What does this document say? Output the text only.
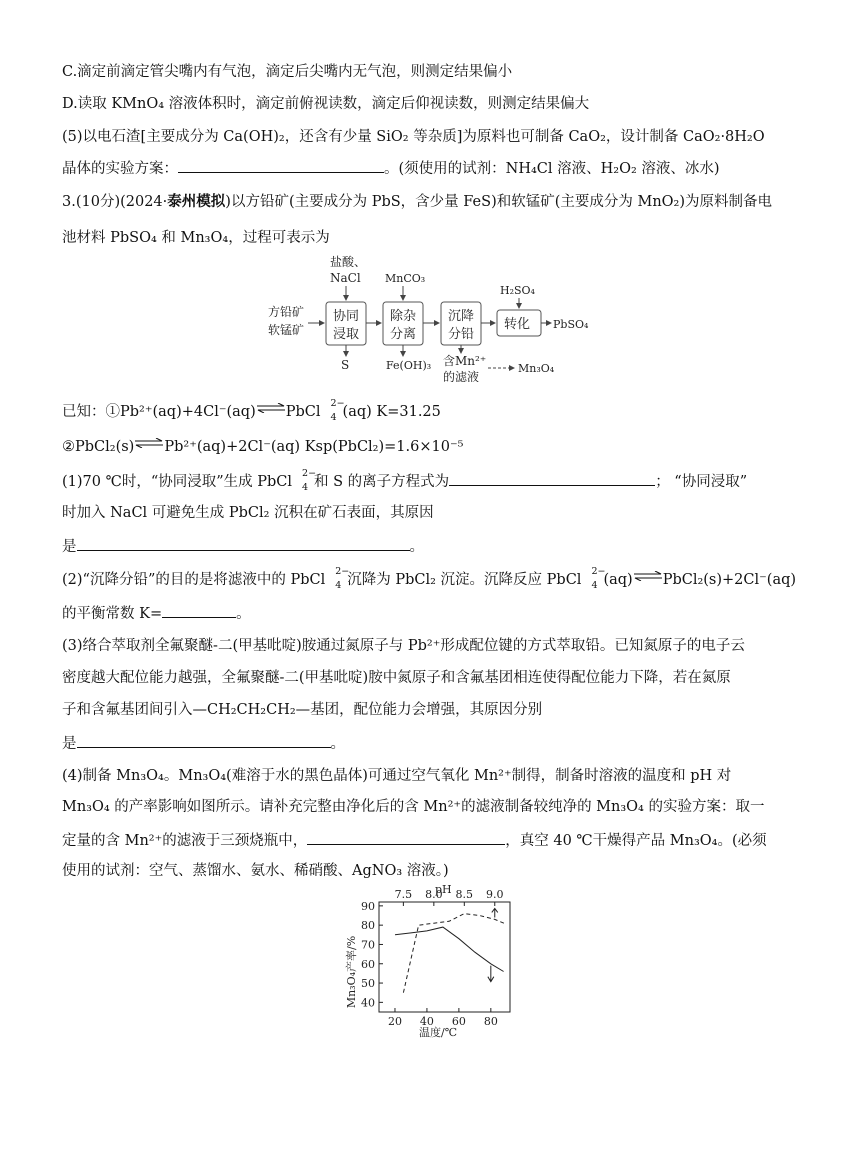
C.滴定前滴定管尖嘴内有气泡，滴定后尖嘴内无气泡，则测定结果偏小
D.读取 KMnO₄ 溶液体积时，滴定前俯视读数，滴定后仰视读数，则测定结果偏大
(5)以电石渣[主要成分为 Ca(OH)₂，还含有少量 SiO₂ 等杂质]为原料也可制备 CaO₂，设计制备 CaO₂·8H₂O
晶体的实验方案：	。(须使用的试剂：NH₄Cl 溶液、H₂O₂ 溶液、冰水)
3.(10分)(2024·泰州模拟)以方铅矿(主要成分为 PbS，含少量 FeS)和软锰矿(主要成分为 MnO₂)为原料制备电
池材料 PbSO₄ 和 Mn₃O₄，过程可表示为
方铅矿
软锰矿
盐酸、
NaCl MnCO₃
H₂SO₄
协同
浸取
除杂
分离
沉降
分铅
转化
S	Fe(OH)₃ 含Mn²⁺
的滤液
PbSO₄
Mn₃O₄
已知：①Pb²⁺(aq)+4Cl⁻(aq)⇌PbCl
2−
4 (aq) K=31.25
②PbCl₂(s)⇌Pb²⁺(aq)+2Cl⁻(aq) Ksp(PbCl₂)=1.6×10⁻⁵
(1)70 ℃时，“协同浸取”生成 PbCl
2−
4 和 S 的离子方程式为	； “协同浸取”
时加入 NaCl 可避免生成 PbCl₂ 沉积在矿石表面，其原因
是	。
(2)“沉降分铅”的目的是将滤液中的 PbCl
2−
4 沉降为 PbCl₂ 沉淀。沉降反应 PbCl
2−
4 (aq)⇌PbCl₂(s)+2Cl⁻(aq)
的平衡常数 K=	。
(3)络合萃取剂全氟聚醚-二(甲基吡啶)胺通过氮原子与 Pb²⁺形成配位键的方式萃取铅。已知氮原子的电子云
密度越大配位能力越强，全氟聚醚-二(甲基吡啶)胺中氮原子和含氟基团相连使得配位能力下降，若在氮原
子和含氟基团间引入—CH₂CH₂CH₂—基团，配位能力会增强，其原因分别
是	。
(4)制备 Mn₃O₄。Mn₃O₄(难溶于水的黑色晶体)可通过空气氧化 Mn²⁺制得，制备时溶液的温度和 pH 对
Mn₃O₄ 的产率影响如图所示。请补充完整由净化后的含 Mn²⁺的滤液制备较纯净的 Mn₃O₄ 的实验方案：取一
定量的含 Mn²⁺的滤液于三颈烧瓶中，	，真空 40 ℃干燥得产品 Mn₃O₄。(必须
使用的试剂：空气、蒸馏水、氨水、稀硝酸、AgNO₃ 溶液。)
40
50
60
70
80
90
20 40 60 80
7.5 8.0 8.5 9.0
pH
温度/℃
Mn₃O₄产率/%
